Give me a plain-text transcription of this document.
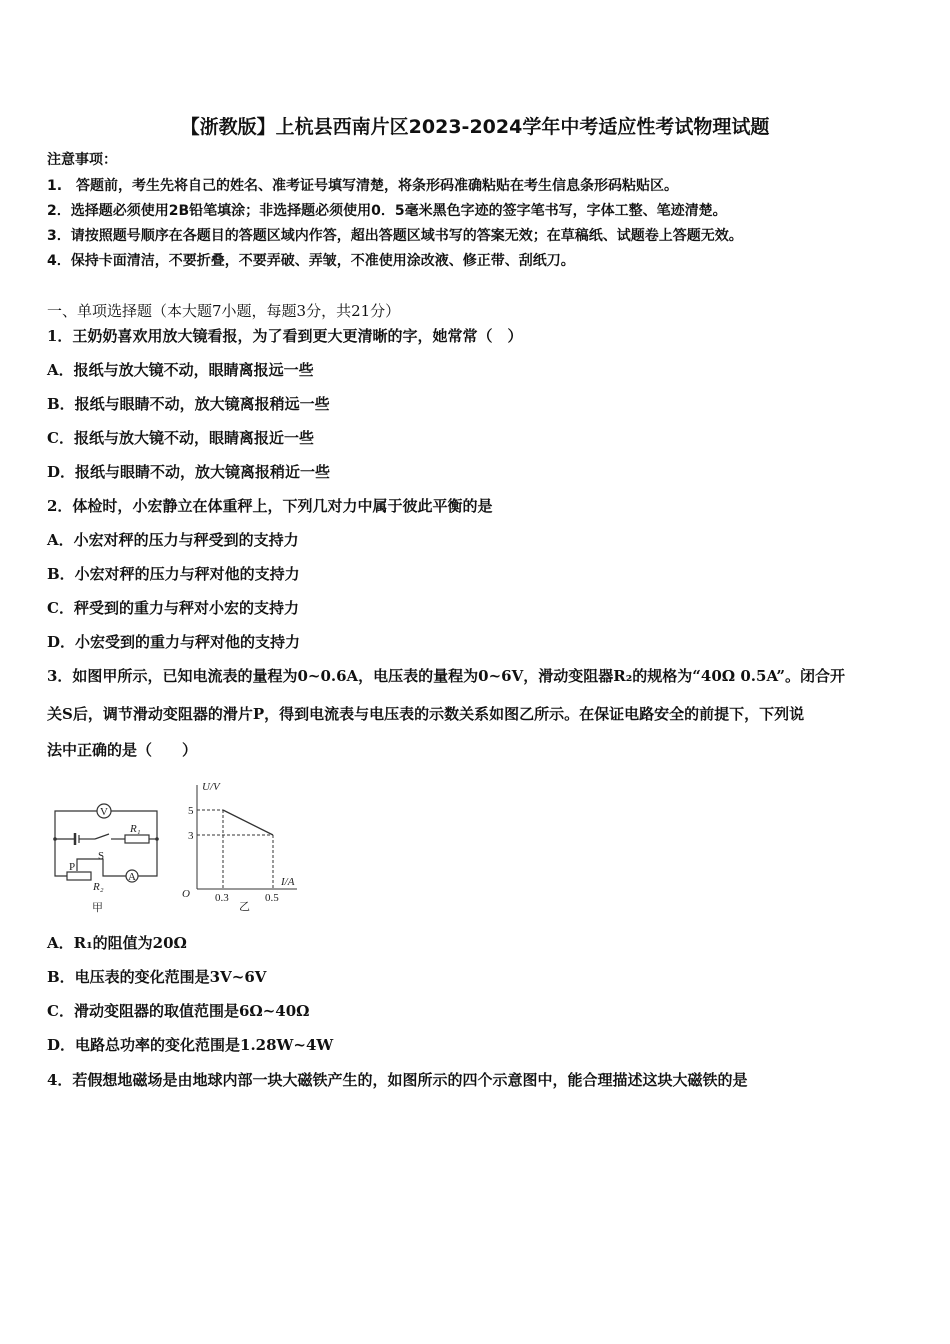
【浙教版】上杭县西南片区2023-2024学年中考适应性考试物理试题
注意事项：
1.　答题前，考生先将自己的姓名、准考证号填写清楚，将条形码准确粘贴在考生信息条形码粘贴区。
2．选择题必须使用2B铅笔填涂；非选择题必须使用0．5毫米黑色字迹的签字笔书写，字体工整、笔迹清楚。
3．请按照题号顺序在各题目的答题区域内作答，超出答题区域书写的答案无效；在草稿纸、试题卷上答题无效。
4．保持卡面清洁，不要折叠，不要弄破、弄皱，不准使用涂改液、修正带、刮纸刀。
一、单项选择题（本大题7小题，每题3分，共21分）
1．王奶奶喜欢用放大镜看报，为了看到更大更清晰的字，她常常（　）
A．报纸与放大镜不动，眼睛离报远一些
B．报纸与眼睛不动，放大镜离报稍远一些
C．报纸与放大镜不动，眼睛离报近一些
D．报纸与眼睛不动，放大镜离报稍近一些
2．体检时，小宏静立在体重秤上，下列几对力中属于彼此平衡的是
A．小宏对秤的压力与秤受到的支持力
B．小宏对秤的压力与秤对他的支持力
C．秤受到的重力与秤对小宏的支持力
D．小宏受到的重力与秤对他的支持力
3．如图甲所示，已知电流表的量程为0~0.6A，电压表的量程为0~6V，滑动变阻器R₂的规格为“40Ω 0.5A”。闭合开
关S后，调节滑动变阻器的滑片P，得到电流表与电压表的示数关系如图乙所示。在保证电路安全的前提下，下列说
法中正确的是（　　）
V
A
R₁
R₂
S
P
甲
U/V
I/A
O
5
3
0.3	0.5
乙
A．R₁的阻值为20Ω
B．电压表的变化范围是3V~6V
C．滑动变阻器的取值范围是6Ω~40Ω
D．电路总功率的变化范围是1.28W~4W
4．若假想地磁场是由地球内部一块大磁铁产生的，如图所示的四个示意图中，能合理描述这块大磁铁的是
